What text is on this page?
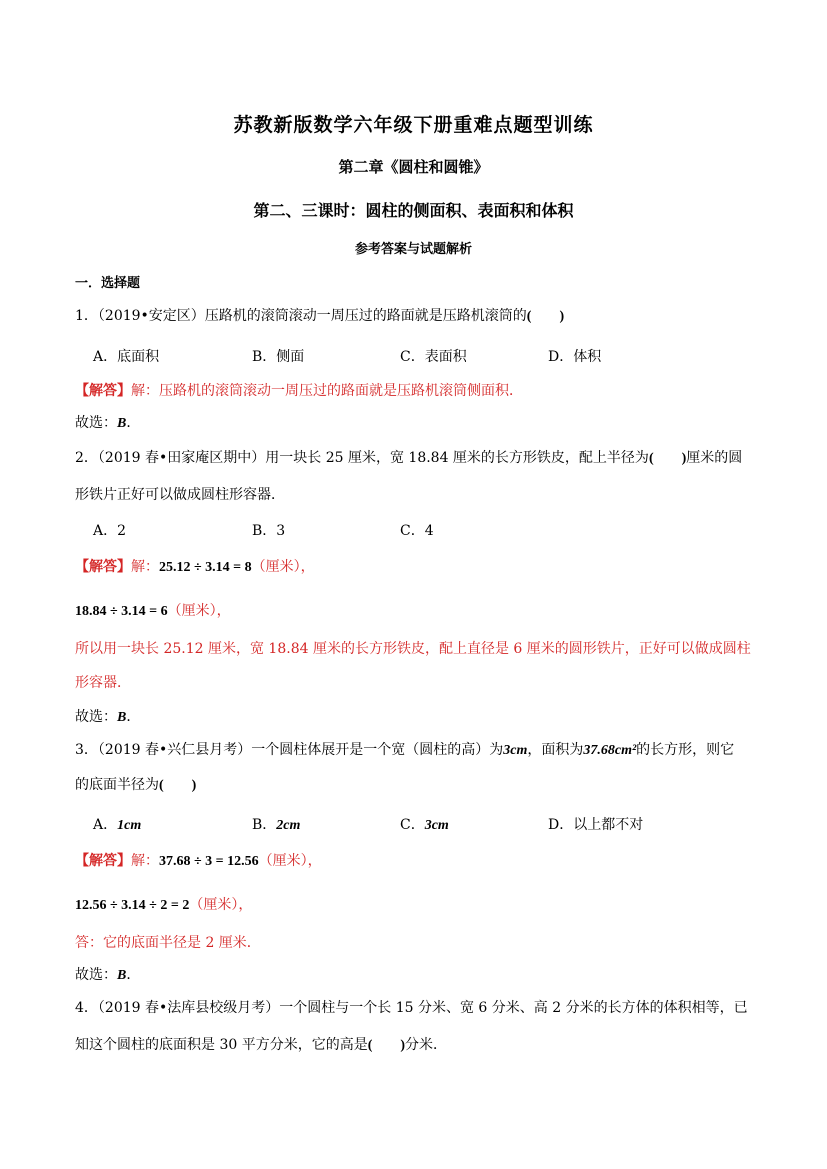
苏教新版数学六年级下册重难点题型训练
第二章《圆柱和圆锥》
第二、三课时：圆柱的侧面积、表面积和体积
参考答案与试题解析
一．选择题
1．（2019•安定区）压路机的滚筒滚动一周压过的路面就是压路机滚筒的(　　)
A．底面积	B．侧面	C．表面积	D．体积
【解答】解：压路机的滚筒滚动一周压过的路面就是压路机滚筒侧面积．
故选：B．
2．（2019 春•田家庵区期中）用一块长 25 厘米，宽 18.84 厘米的长方形铁皮，配上半径为(　　)厘米的圆
形铁片正好可以做成圆柱形容器．
A．2	B．3	C．4
【解答】解：25.12 ÷ 3.14 = 8（厘米），
18.84 ÷ 3.14 = 6（厘米），
所以用一块长 25.12 厘米，宽 18.84 厘米的长方形铁皮，配上直径是 6 厘米的圆形铁片，正好可以做成圆柱
形容器．
故选：B．
3．（2019 春•兴仁县月考）一个圆柱体展开是一个宽（圆柱的高）为3cm，面积为37.68cm²的长方形，则它
的底面半径为(　　)
A．1cm	B．2cm	C．3cm	D．以上都不对
【解答】解：37.68 ÷ 3 = 12.56（厘米），
12.56 ÷ 3.14 ÷ 2 = 2（厘米），
答：它的底面半径是 2 厘米．
故选：B．
4．（2019 春•法库县校级月考）一个圆柱与一个长 15 分米、宽 6 分米、高 2 分米的长方体的体积相等，已
知这个圆柱的底面积是 30 平方分米，它的高是(　　)分米．
